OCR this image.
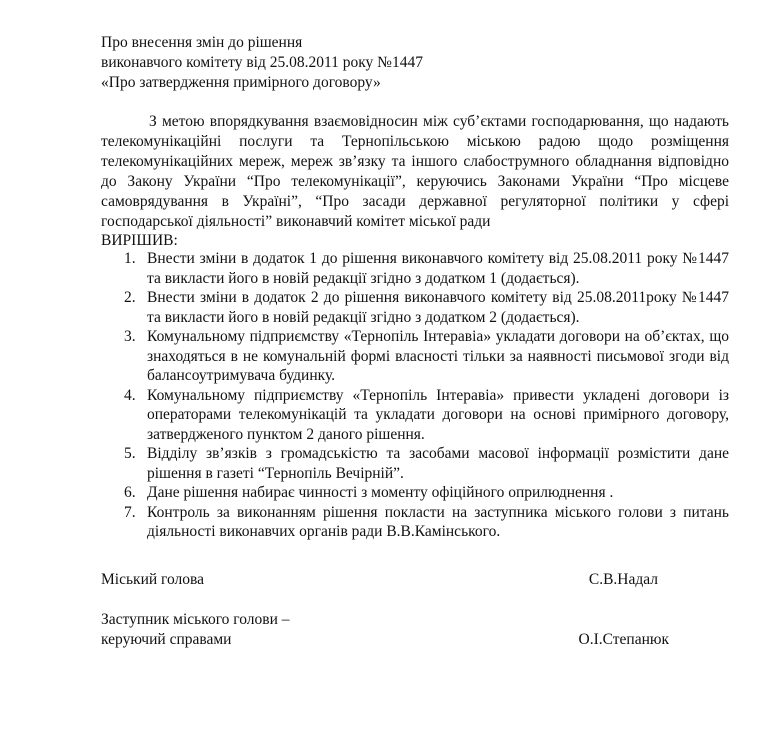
Про внесення змін до рішення
виконавчого комітету від 25.08.2011 року №1447
«Про затвердження примірного договору»
З метою впорядкування взаємовідносин між суб’єктами господарювання, що надають телекомунікаційні послуги та Тернопільською міською радою щодо розміщення телекомунікаційних мереж, мереж зв’язку та іншого слабострумного обладнання відповідно до Закону України “Про телекомунікації”, керуючись Законами України “Про місцеве самоврядування в Україні”, “Про засади державної регуляторної політики у сфері господарської діяльності” виконавчий комітет міської ради
ВИРІШИВ:
1. Внести зміни в додаток 1 до рішення виконавчого комітету від 25.08.2011 року №1447 та викласти його в новій редакції згідно з додатком 1 (додається).
2. Внести зміни в додаток 2 до рішення виконавчого комітету від 25.08.2011року №1447 та викласти його в новій редакції згідно з додатком 2 (додається).
3. Комунальному підприємству «Тернопіль Інтеравіа» укладати договори на об’єктах, що знаходяться в не комунальній формі власності тільки за наявності письмової згоди від балансоутримувача будинку.
4. Комунальному підприємству «Тернопіль Інтеравіа» привести укладені договори із операторами телекомунікацій та укладати договори на основі примірного договору, затвердженого пунктом 2 даного рішення.
5. Відділу зв’язків з громадськістю та засобами масової інформації розмістити дане рішення в газеті “Тернопіль Вечірній”.
6. Дане рішення набирає чинності з моменту офіційного оприлюднення .
7. Контроль за виконанням рішення покласти на заступника міського голови з питань діяльності виконавчих органів ради В.В.Камінського.
Міський голова	С.В.Надал
Заступник міського голови –
керуючий справами	О.І.Степанюк
